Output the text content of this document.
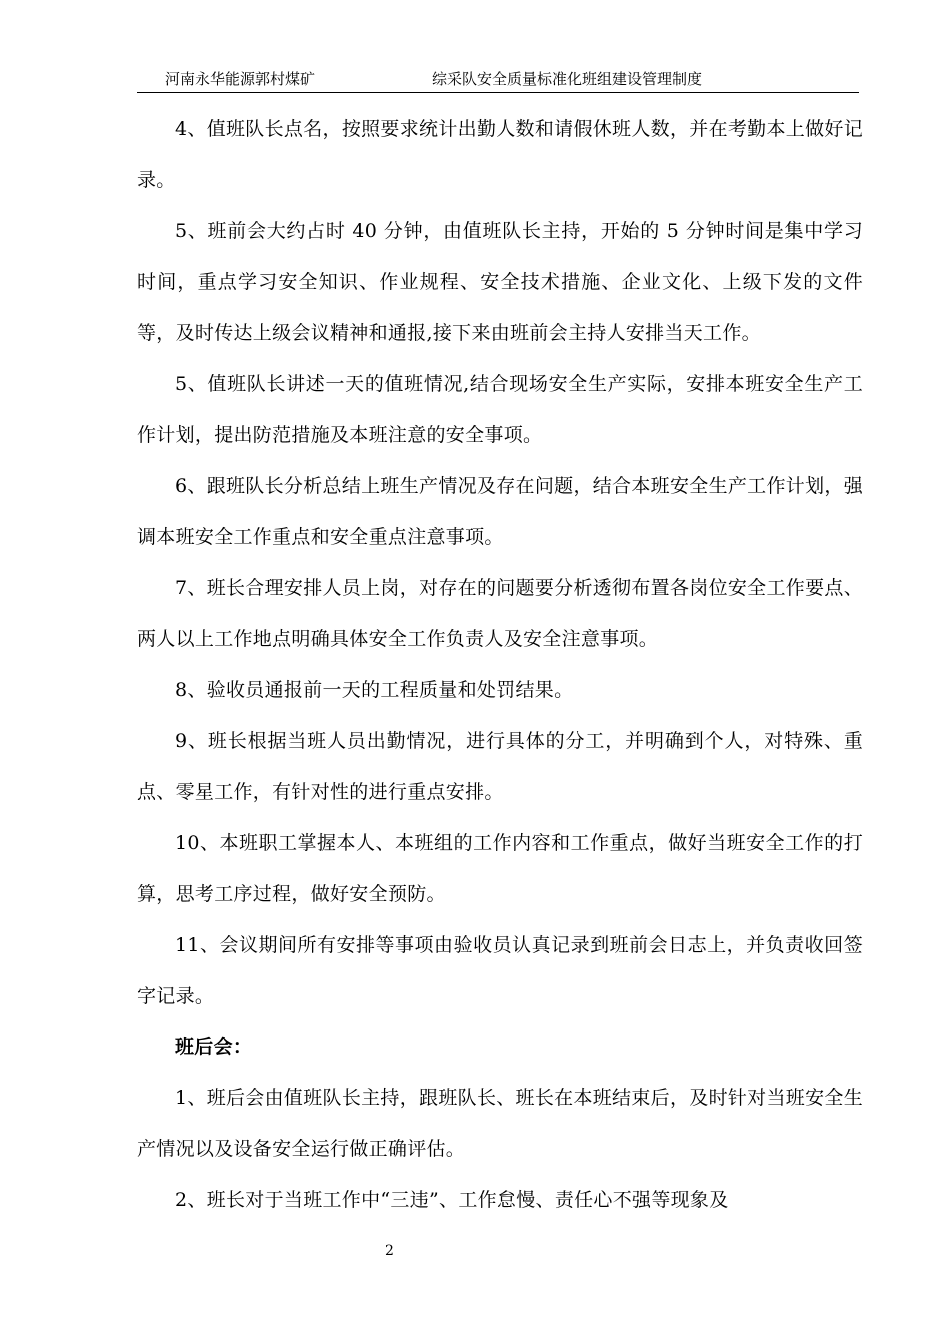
河南永华能源郭村煤矿	综采队安全质量标准化班组建设管理制度

4、值班队长点名，按照要求统计出勤人数和请假休班人数，并在考勤本上做好记录。

5、班前会大约占时 40 分钟，由值班队长主持，开始的 5 分钟时间是集中学习时间，重点学习安全知识、作业规程、安全技术措施、企业文化、上级下发的文件等，及时传达上级会议精神和通报,接下来由班前会主持人安排当天工作。

5、值班队长讲述一天的值班情况,结合现场安全生产实际，安排本班安全生产工作计划，提出防范措施及本班注意的安全事项。

6、跟班队长分析总结上班生产情况及存在问题，结合本班安全生产工作计划，强调本班安全工作重点和安全重点注意事项。

7、班长合理安排人员上岗，对存在的问题要分析透彻布置各岗位安全工作要点、两人以上工作地点明确具体安全工作负责人及安全注意事项。

8、验收员通报前一天的工程质量和处罚结果。

9、班长根据当班人员出勤情况，进行具体的分工，并明确到个人，对特殊、重点、零星工作，有针对性的进行重点安排。

10、本班职工掌握本人、本班组的工作内容和工作重点，做好当班安全工作的打算，思考工序过程，做好安全预防。

11、会议期间所有安排等事项由验收员认真记录到班前会日志上，并负责收回签字记录。

班后会：

1、班后会由值班队长主持，跟班队长、班长在本班结束后，及时针对当班安全生产情况以及设备安全运行做正确评估。

2、班长对于当班工作中“三违”、工作怠慢、责任心不强等现象及

2
